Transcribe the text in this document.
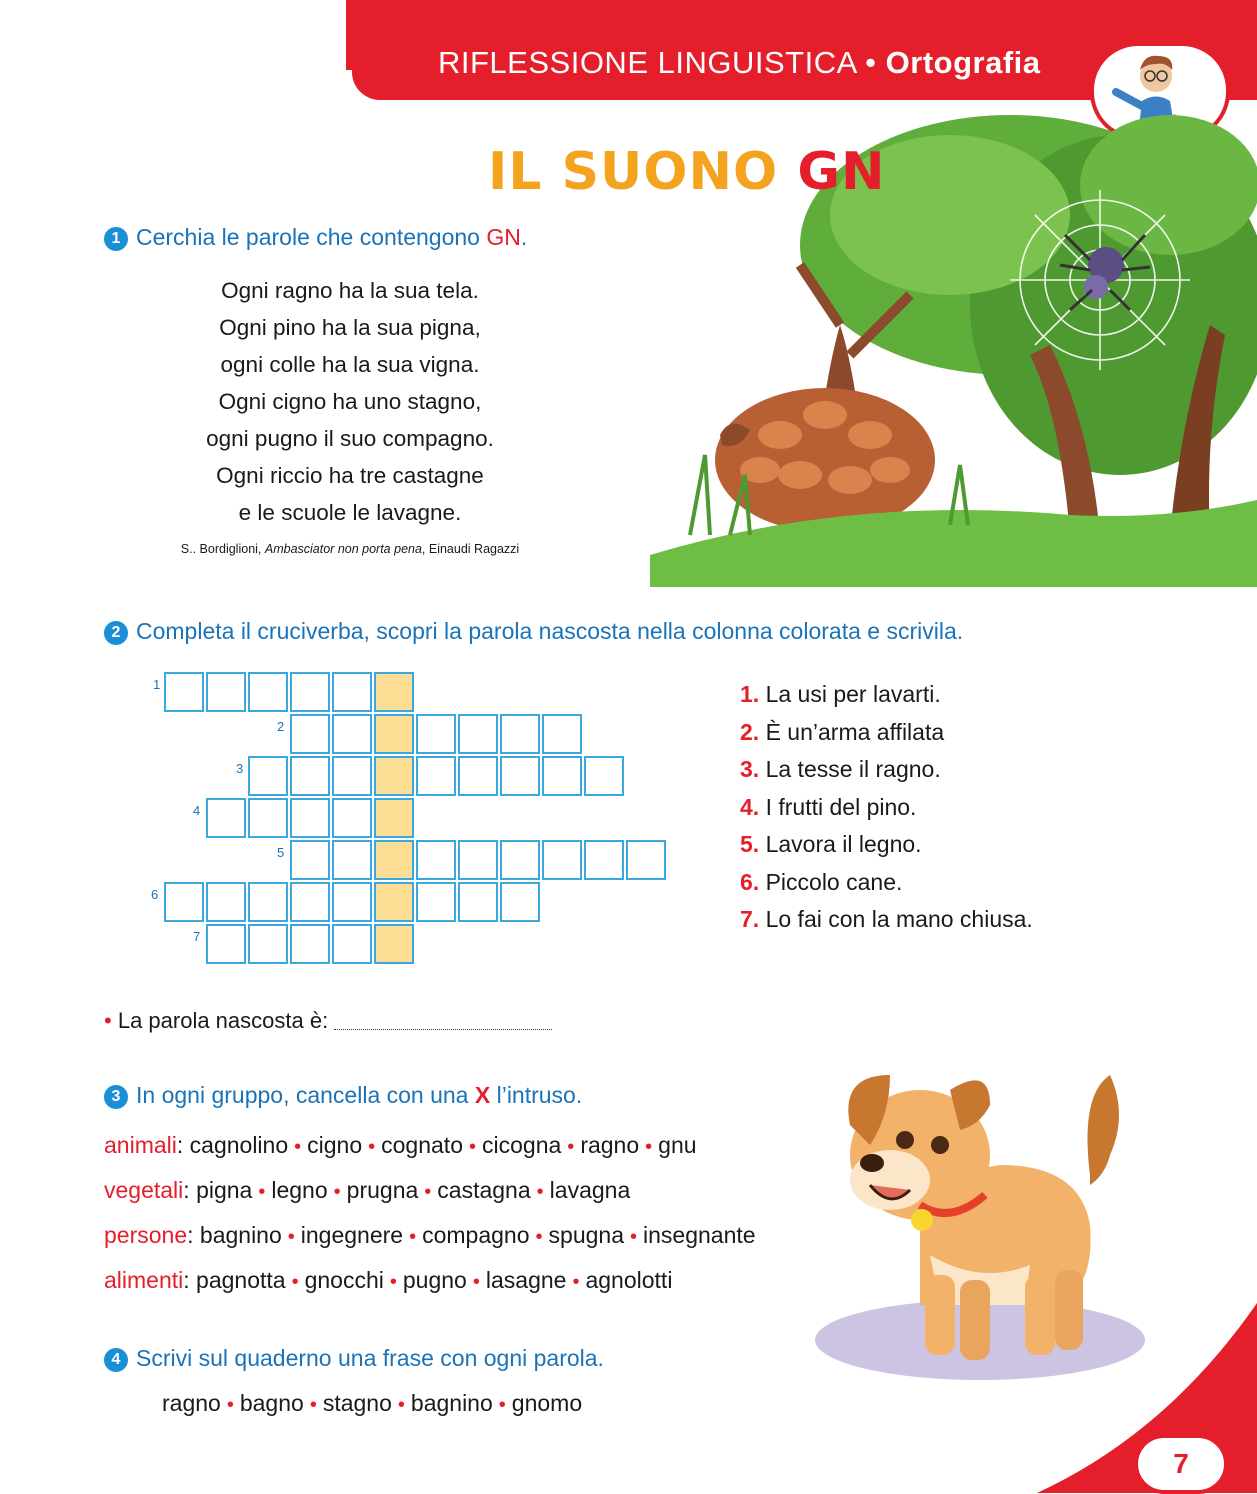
RIFLESSIONE LINGUISTICA • Ortografia
IL SUONO GN
1 Cerchia le parole che contengono GN.
Ogni ragno ha la sua tela.
Ogni pino ha la sua pigna,
ogni colle ha la sua vigna.
Ogni cigno ha uno stagno,
ogni pugno il suo compagno.
Ogni riccio ha tre castagne
e le scuole le lavagne.
S.. Bordiglioni, Ambasciator non porta pena, Einaudi Ragazzi
2 Completa il cruciverba, scopri la parola nascosta nella colonna colorata e scrivila.
1
2
3
4
5
6
7
1. La usi per lavarti.
2. È un’arma affilata
3. La tesse il ragno.
4. I frutti del pino.
5. Lavora il legno.
6. Piccolo cane.
7. Lo fai con la mano chiusa.
• La parola nascosta è:
3 In ogni gruppo, cancella con una X l’intruso.
animali: cagnolino • cigno • cognato • cicogna • ragno • gnu
vegetali: pigna • legno • prugna • castagna • lavagna
persone: bagnino • ingegnere • compagno • spugna • insegnante
alimenti: pagnotta • gnocchi • pugno • lasagne • agnolotti
4 Scrivi sul quaderno una frase con ogni parola.
ragno • bagno • stagno • bagnino • gnomo
7
